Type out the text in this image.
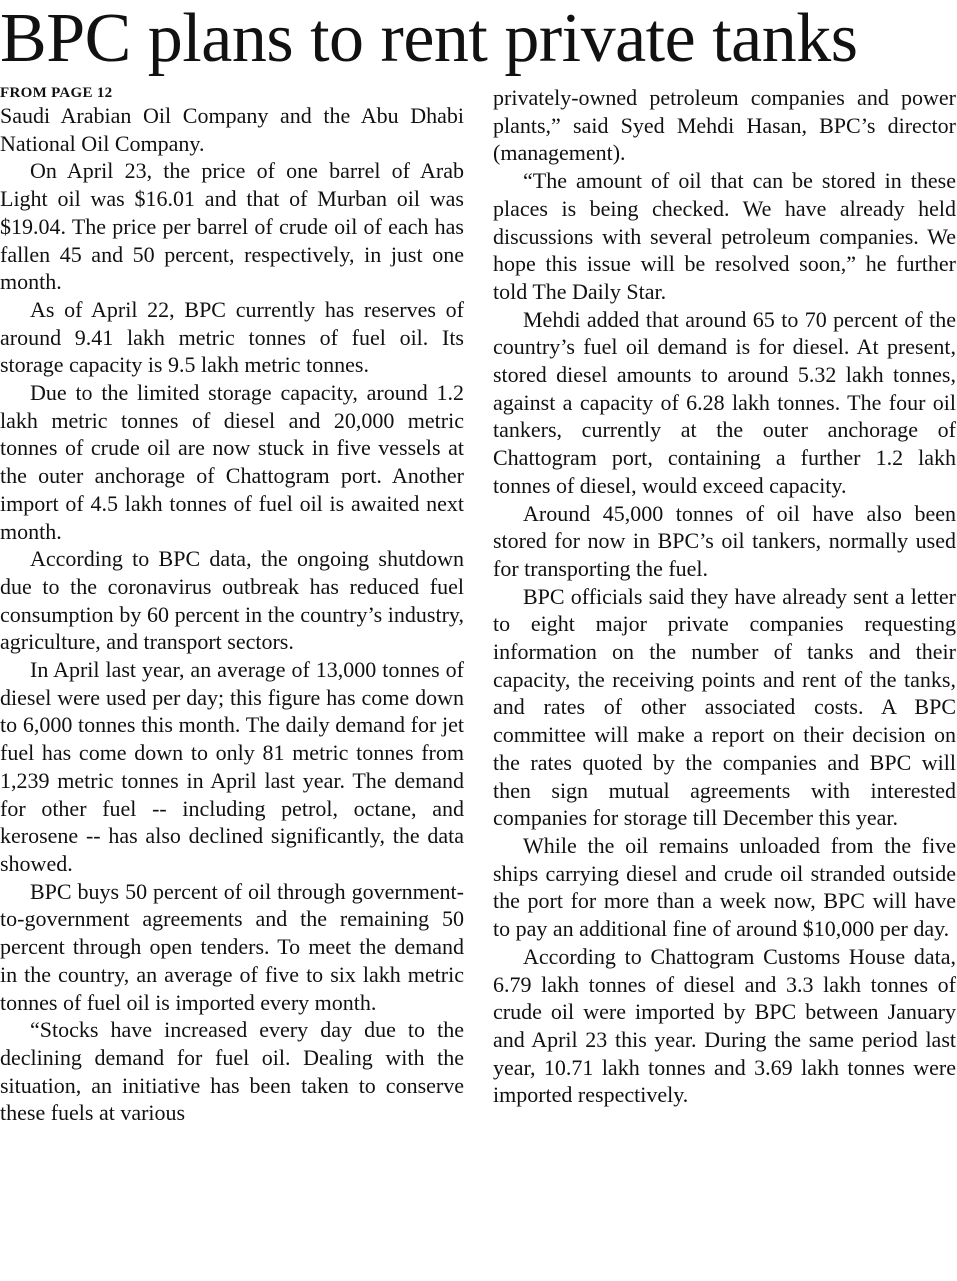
BPC plans to rent private tanks
FROM PAGE 12

Saudi Arabian Oil Company and the Abu Dhabi National Oil Company.

On April 23, the price of one barrel of Arab Light oil was $16.01 and that of Murban oil was $19.04. The price per barrel of crude oil of each has fallen 45 and 50 percent, respectively, in just one month.

As of April 22, BPC currently has reserves of around 9.41 lakh metric tonnes of fuel oil. Its storage capacity is 9.5 lakh metric tonnes.

Due to the limited storage capacity, around 1.2 lakh metric tonnes of diesel and 20,000 metric tonnes of crude oil are now stuck in five vessels at the outer anchorage of Chattogram port. Another import of 4.5 lakh tonnes of fuel oil is awaited next month.

According to BPC data, the ongoing shutdown due to the coronavirus outbreak has reduced fuel consumption by 60 percent in the country’s industry, agriculture, and transport sectors.

In April last year, an average of 13,000 tonnes of diesel were used per day; this figure has come down to 6,000 tonnes this month. The daily demand for jet fuel has come down to only 81 metric tonnes from 1,239 metric tonnes in April last year. The demand for other fuel -- including petrol, octane, and kerosene -- has also declined significantly, the data showed.

BPC buys 50 percent of oil through government-to-government agreements and the remaining 50 percent through open tenders. To meet the demand in the country, an average of five to six lakh metric tonnes of fuel oil is imported every month.

“Stocks have increased every day due to the declining demand for fuel oil. Dealing with the situation, an initiative has been taken to conserve these fuels at various

privately-owned petroleum companies and power plants,” said Syed Mehdi Hasan, BPC’s director (management).

“The amount of oil that can be stored in these places is being checked. We have already held discussions with several petroleum companies. We hope this issue will be resolved soon,” he further told The Daily Star.

Mehdi added that around 65 to 70 percent of the country’s fuel oil demand is for diesel. At present, stored diesel amounts to around 5.32 lakh tonnes, against a capacity of 6.28 lakh tonnes. The four oil tankers, currently at the outer anchorage of Chattogram port, containing a further 1.2 lakh tonnes of diesel, would exceed capacity.

Around 45,000 tonnes of oil have also been stored for now in BPC’s oil tankers, normally used for transporting the fuel.

BPC officials said they have already sent a letter to eight major private companies requesting information on the number of tanks and their capacity, the receiving points and rent of the tanks, and rates of other associated costs. A BPC committee will make a report on their decision on the rates quoted by the companies and BPC will then sign mutual agreements with interested companies for storage till December this year.

While the oil remains unloaded from the five ships carrying diesel and crude oil stranded outside the port for more than a week now, BPC will have to pay an additional fine of around $10,000 per day.

According to Chattogram Customs House data, 6.79 lakh tonnes of diesel and 3.3 lakh tonnes of crude oil were imported by BPC between January and April 23 this year. During the same period last year, 10.71 lakh tonnes and 3.69 lakh tonnes were imported respectively.
